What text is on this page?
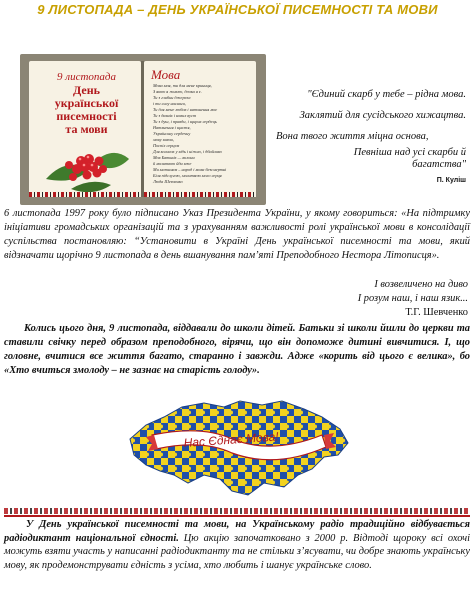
9 ЛИСТОПАДА – ДЕНЬ УКРАЇНСЬКОЇ ПИСЕМНОСТІ ТА МОВИ
9 листопада
День
української
писемності
та мови
Мова
Мова моя, ти для мене криниця,
З якою я живлю, дочка я є.
Ти з глибин джерела
і ти силу наснаги,
Ти для мене любов і натхнення моє
Ти з давніх і нових вуст
Ти з душ, і правди, і щирих сердець
Натхнення і щастя,
Українську сердечну
мову вивчи,
Поспіх серцем
Для колисок у відь і ніжно, і дбайливо
Мов Батьків — вклони
й молитвою йди вже
Ми матимем – народ і мова безсмертні
Біля підслугою, молитвою мого серця
Люда Шевченко
"Єдиний скарб у тебе – рідна мова.
Заклятий для сусідського хижацтва.
Вона твого життя міцна основа,
Певніша над усі скарби й багатства"
П. Куліш
6 листопада 1997 року було підписано Указ Президента України, у якому говориться: «На підтримку ініціативи громадських організацій та з урахуванням важливості ролі української мови в консолідації суспільства постановляю: “Установити в Україні День української писемності та мови, який відзначати щорічно 9 листопада в день вшанування пам’яті Преподобного Нестора Літописця».
І возвеличено на диво
І розум наш, і наш язик...
Т.Г. Шевченко
Колись цього дня, 9 листопада, віддавали до школи дітей. Батьки зі школи йшли до церкви та ставили свічку перед образом преподобного, вірячи, що він допоможе дитині вивчитися. І, що головне, вчитися все життя багато, старанно і завжди. Адже «корить від цього є велика», бо «Хто вчиться змолоду – не зазнає на старість голоду».
Нас Єднає Мова!
У День української писемності та мови, на Українському радіо традиційно відбувається радіодиктант національної єдності. Цю акцію започатковано з 2000 р. Відтоді щороку всі охочі можуть взяти участь у написанні радіодиктанту та не стільки з’ясувати, чи добре знають українську мову, як продемонструвати єдність з усіма, хто любить і шанує українське слово.
